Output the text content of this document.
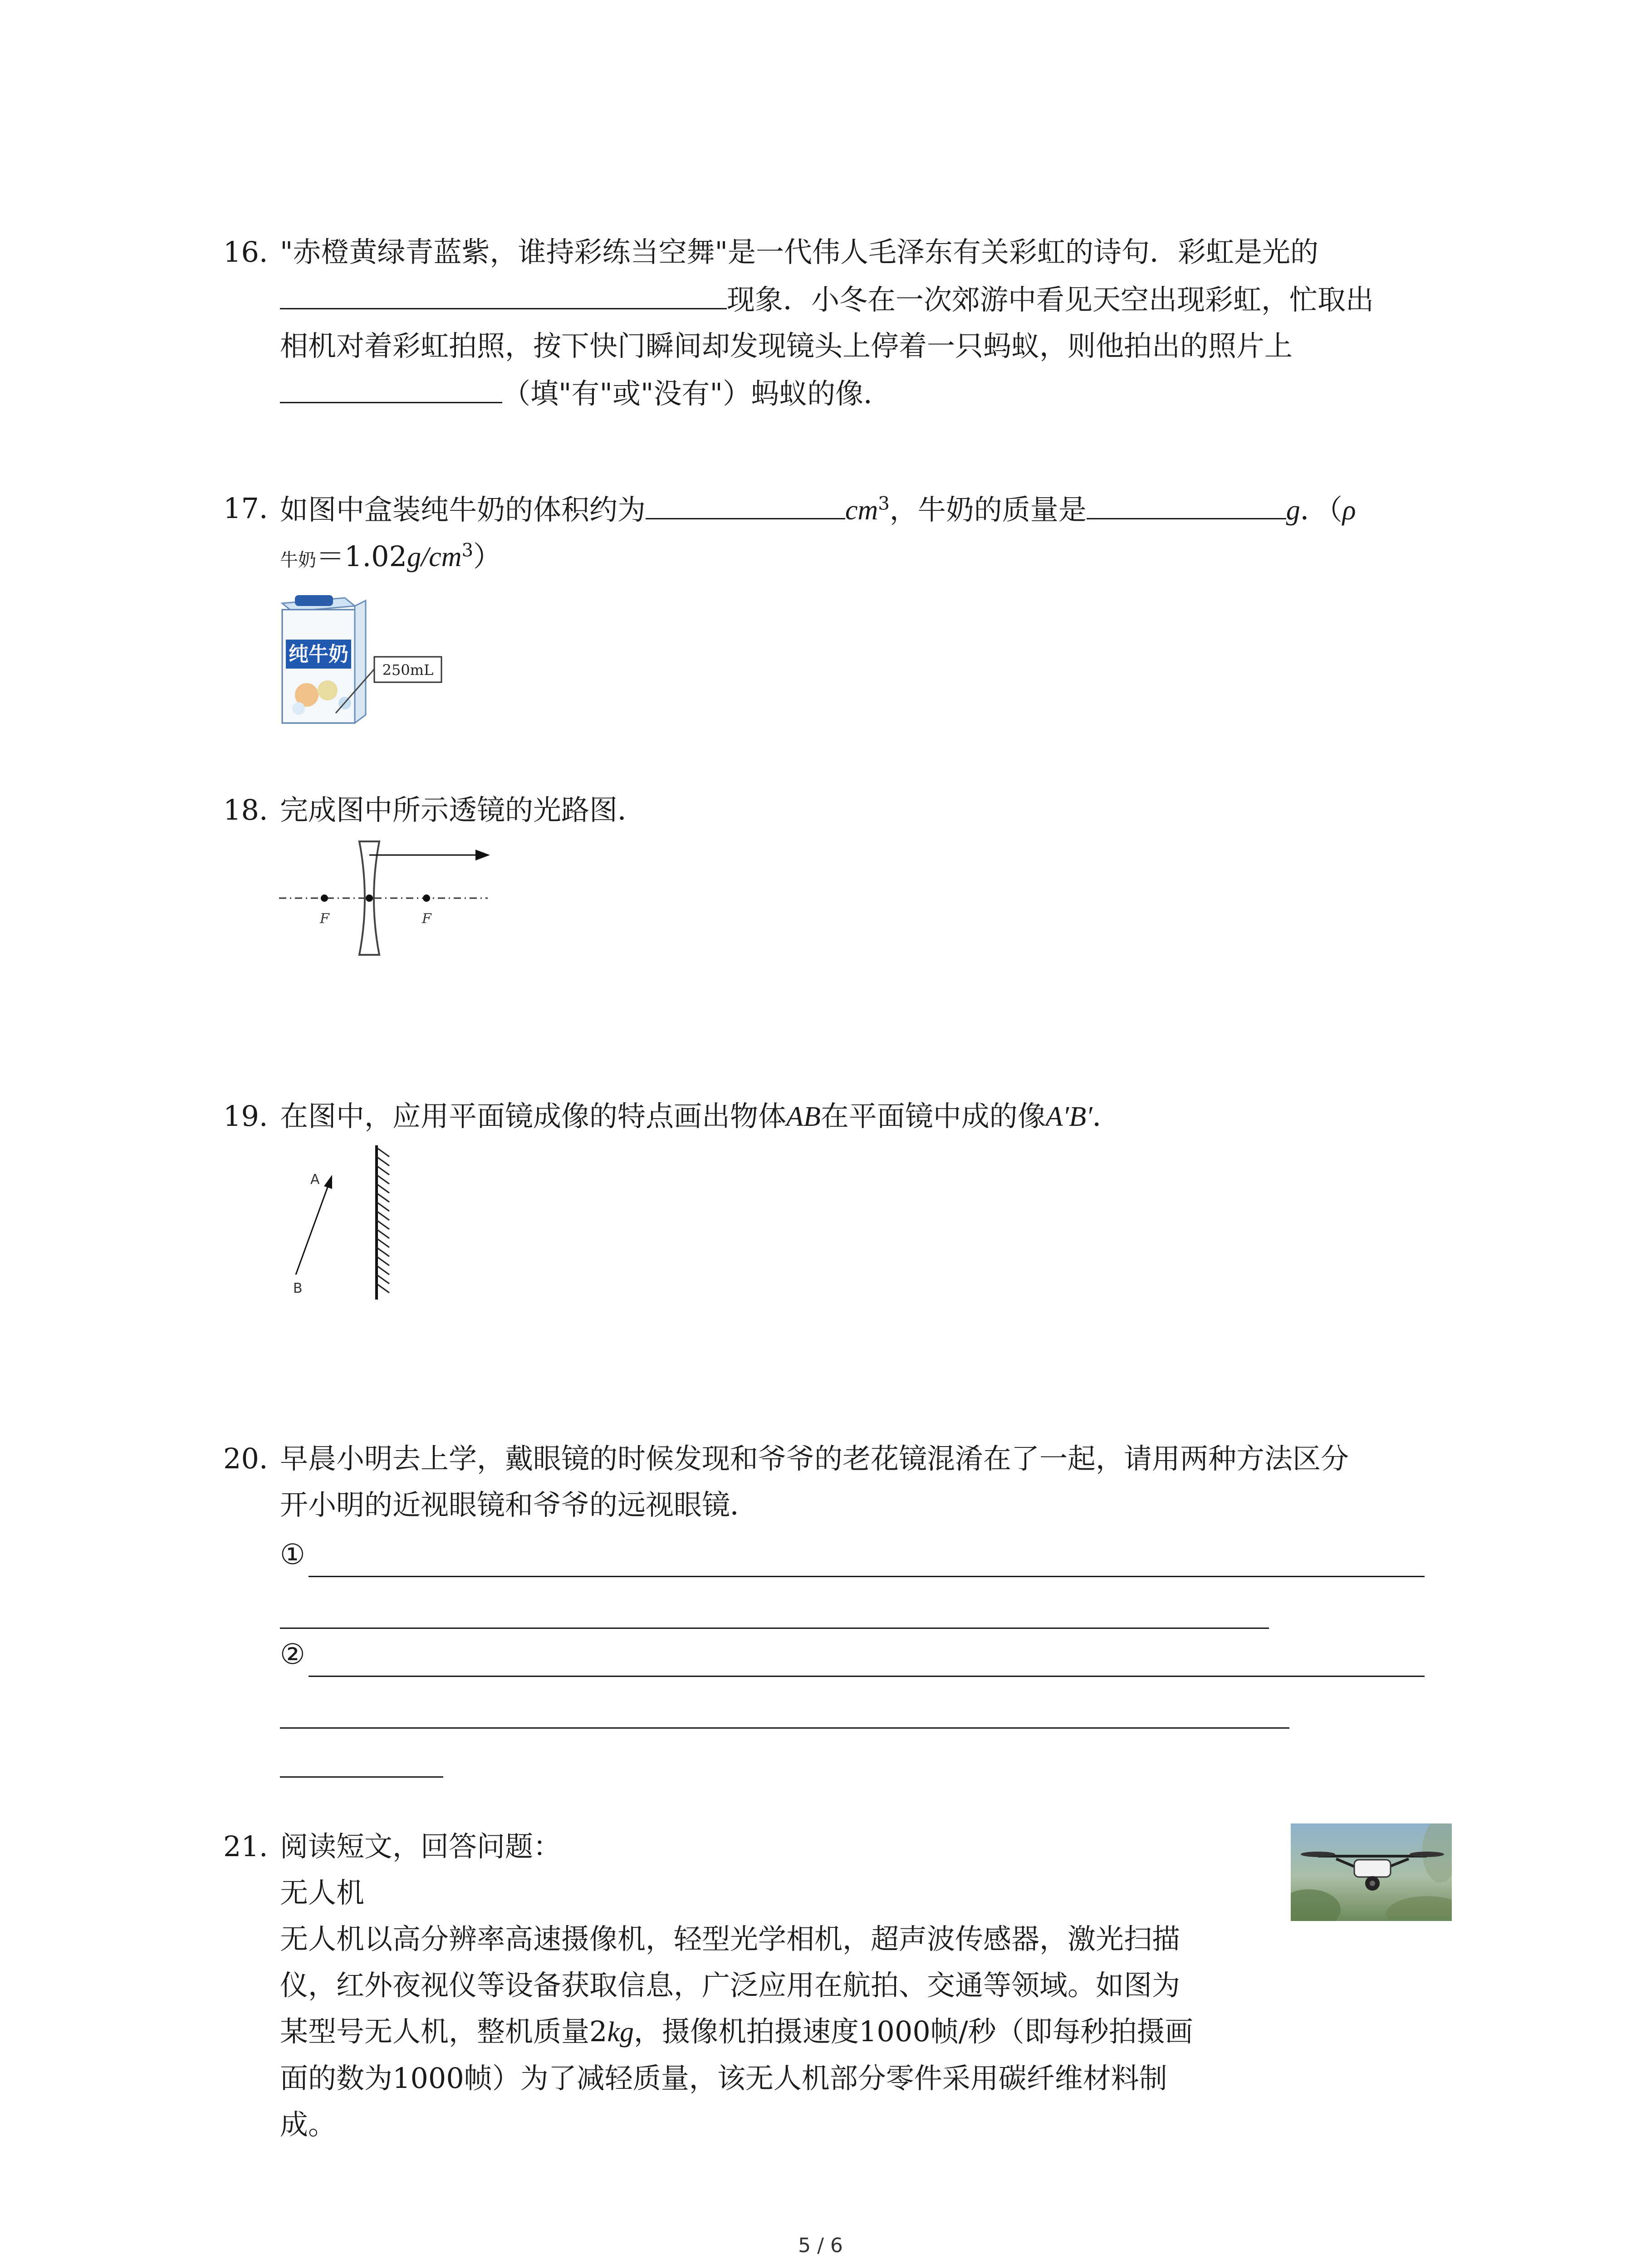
16. "赤橙黄绿青蓝紫，谁持彩练当空舞"是一代伟人毛泽东有关彩虹的诗句．彩虹是光的
现象．小冬在一次郊游中看见天空出现彩虹，忙取出
相机对着彩虹拍照，按下快门瞬间却发现镜头上停着一只蚂蚁，则他拍出的照片上
（填"有"或"没有"）蚂蚁的像．
17. 如图中盒装纯牛奶的体积约为	$cm^3$，牛奶的质量是	g．（ρ
牛奶$=1.02g/cm^3$）
纯牛奶
250mL
18. 完成图中所示透镜的光路图．
F	F
19. 在图中，应用平面镜成像的特点画出物体AB在平面镜中成的像A′B′．
A
B
20. 早晨小明去上学，戴眼镜的时候发现和爷爷的老花镜混淆在了一起，请用两种方法区分
开小明的近视眼镜和爷爷的远视眼镜．
①
②
21. 阅读短文，回答问题：
无人机
无人机以高分辨率高速摄像机，轻型光学相机，超声波传感器，激光扫描
仪，红外夜视仪等设备获取信息，广泛应用在航拍、交通等领域。如图为
某型号无人机，整机质量2kg，摄像机拍摄速度1000帧/秒（即每秒拍摄画
面的数为1000帧）为了减轻质量，该无人机部分零件采用碳纤维材料制
成。
5 / 6
